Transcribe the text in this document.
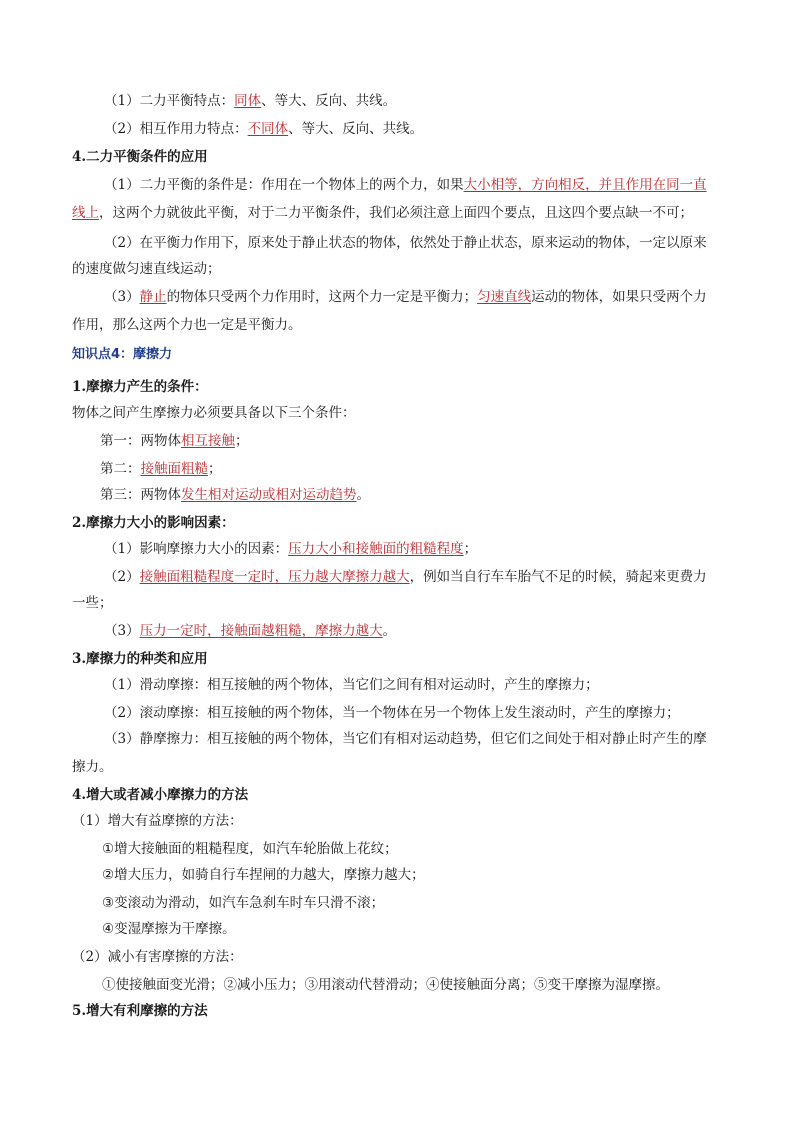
（1）二力平衡特点：同体、等大、反向、共线。
（2）相互作用力特点：不同体、等大、反向、共线。
4.二力平衡条件的应用
（1）二力平衡的条件是：作用在一个物体上的两个力，如果大小相等，方向相反，并且作用在同一直
线上，这两个力就彼此平衡，对于二力平衡条件，我们必须注意上面四个要点，且这四个要点缺一不可；
（2）在平衡力作用下，原来处于静止状态的物体，依然处于静止状态，原来运动的物体，一定以原来
的速度做匀速直线运动；
（3）静止的物体只受两个力作用时，这两个力一定是平衡力；匀速直线运动的物体，如果只受两个力
作用，那么这两个力也一定是平衡力。
知识点4：摩擦力
1.摩擦力产生的条件：
物体之间产生摩擦力必须要具备以下三个条件：
第一：两物体相互接触；
第二：接触面粗糙；
第三：两物体发生相对运动或相对运动趋势。
2.摩擦力大小的影响因素：
（1）影响摩擦力大小的因素：压力大小和接触面的粗糙程度；
（2）接触面粗糙程度一定时，压力越大摩擦力越大，例如当自行车车胎气不足的时候，骑起来更费力
一些；
（3）压力一定时，接触面越粗糙，摩擦力越大。
3.摩擦力的种类和应用
（1）滑动摩擦：相互接触的两个物体，当它们之间有相对运动时，产生的摩擦力；
（2）滚动摩擦：相互接触的两个物体，当一个物体在另一个物体上发生滚动时，产生的摩擦力；
（3）静摩擦力：相互接触的两个物体，当它们有相对运动趋势，但它们之间处于相对静止时产生的摩
擦力。
4.增大或者减小摩擦力的方法
（1）增大有益摩擦的方法：
①增大接触面的粗糙程度，如汽车轮胎做上花纹；
②增大压力，如骑自行车捏闸的力越大，摩擦力越大；
③变滚动为滑动，如汽车急刹车时车只滑不滚；
④变湿摩擦为干摩擦。
（2）减小有害摩擦的方法：
①使接触面变光滑；②减小压力；③用滚动代替滑动；④使接触面分离；⑤变干摩擦为湿摩擦。
5.增大有利摩擦的方法
